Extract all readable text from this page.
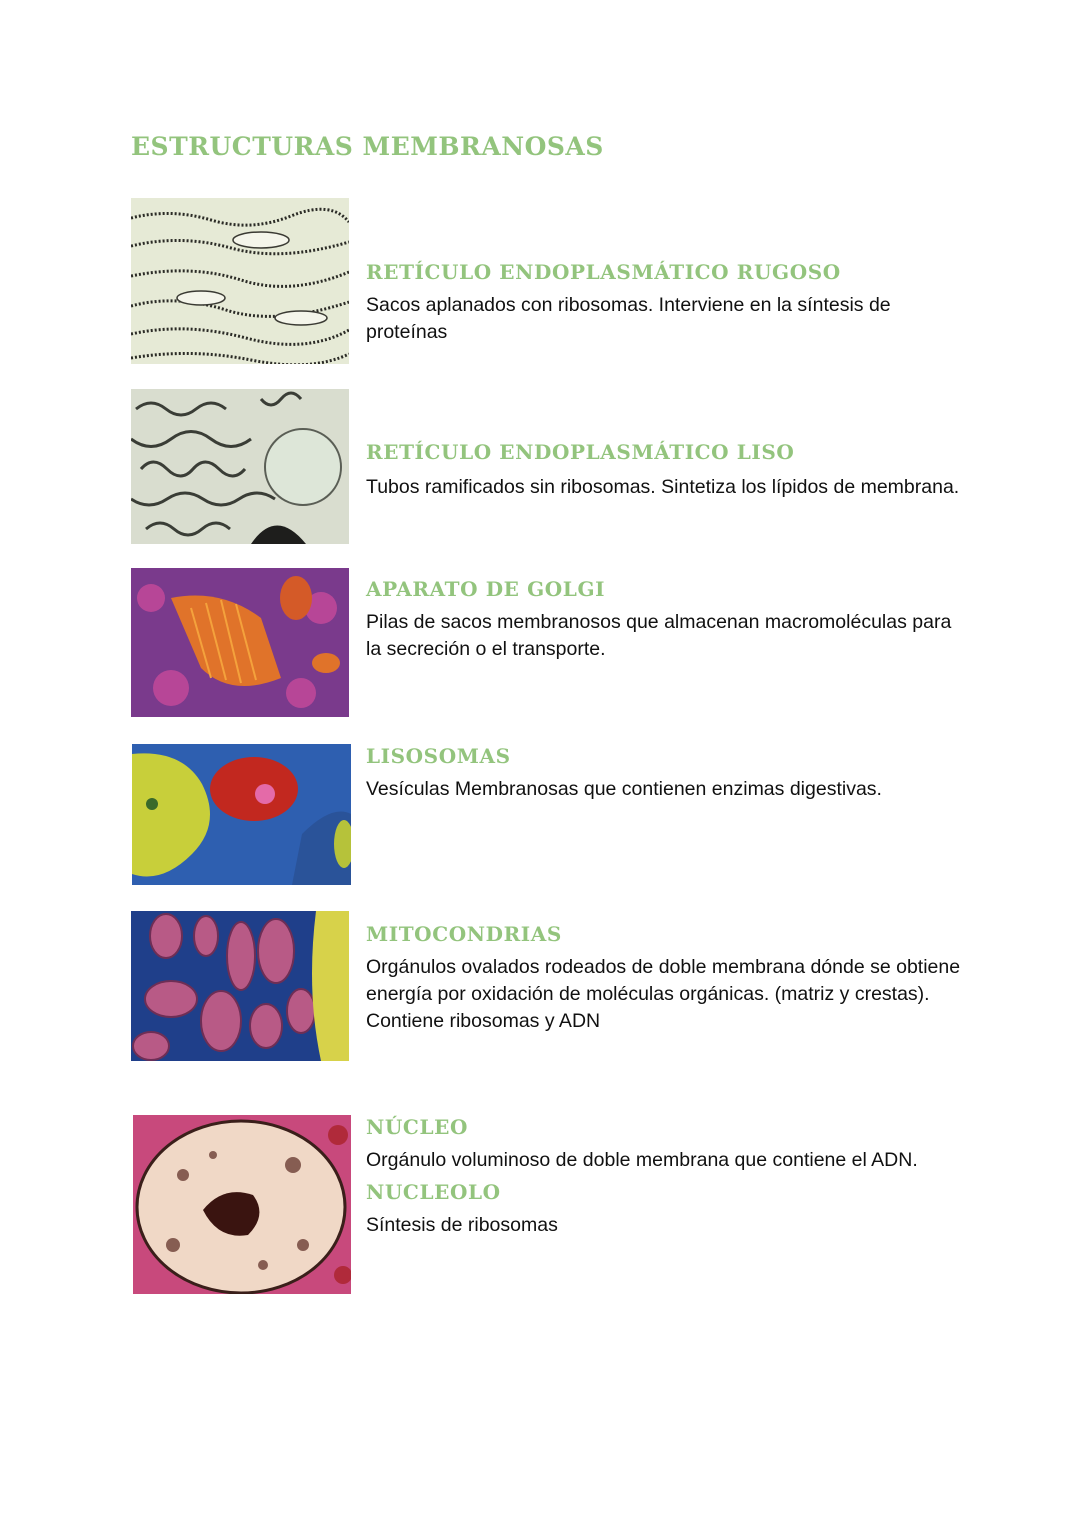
ESTRUCTURAS MEMBRANOSAS
RETÍCULO ENDOPLASMÁTICO RUGOSO

Sacos aplanados con ribosomas. Interviene en la síntesis de proteínas

RETÍCULO ENDOPLASMÁTICO LISO

Tubos ramificados sin ribosomas. Sintetiza los lípidos de membrana.

APARATO DE GOLGI

Pilas de sacos membranosos que almacenan macromoléculas para la secreción o el transporte.

LISOSOMAS

Vesículas Membranosas que contienen enzimas digestivas.

MITOCONDRIAS

Orgánulos ovalados rodeados de doble membrana dónde se obtiene energía por oxidación de moléculas orgánicas. (matriz y crestas). Contiene ribosomas y ADN

NÚCLEO

Orgánulo voluminoso de doble membrana que contiene el ADN.

NUCLEOLO

Síntesis de ribosomas
